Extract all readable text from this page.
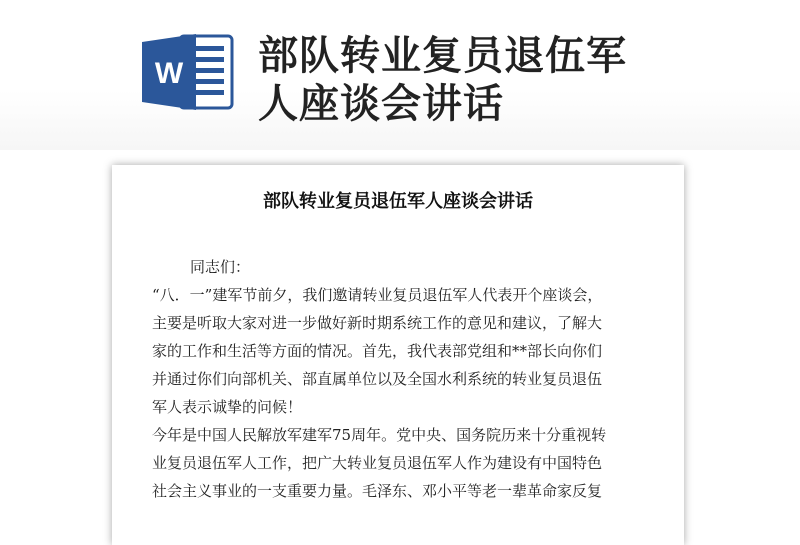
W 部队转业复员退伍军
人座谈会讲话
部队转业复员退伍军人座谈会讲话
同志们：
“八．一”建军节前夕，我们邀请转业复员退伍军人代表开个座谈会，
主要是听取大家对进一步做好新时期系统工作的意见和建议，了解大
家的工作和生活等方面的情况。首先，我代表部党组和**部长向你们
并通过你们向部机关、部直属单位以及全国水利系统的转业复员退伍
军人表示诚挚的问候！
今年是中国人民解放军建军75周年。党中央、国务院历来十分重视转
业复员退伍军人工作，把广大转业复员退伍军人作为建设有中国特色
社会主义事业的一支重要力量。毛泽东、邓小平等老一辈革命家反复
